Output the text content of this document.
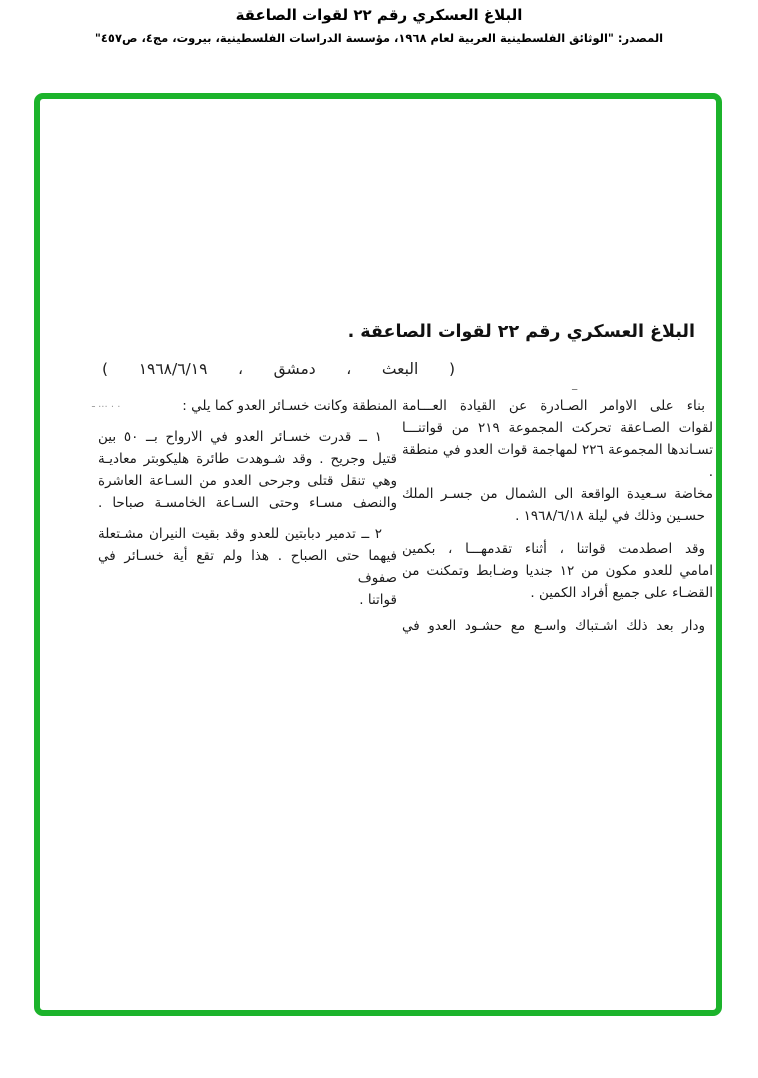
البلاغ العسكري رقم ٢٢ لقوات الصاعقة
المصدر: "الوثائق الفلسطينية العربية لعام ١٩٦٨، مؤسسة الدراسات الفلسطينية، بيروت، مج٤، ص٤٥٧"
البلاغ العسكري رقم ٢٢ لقوات الصاعقة .
( البعث ، دمشق ، ١٩٦٨/٦/١٩ )
ــ
ـ ... . .	بناء على الاوامر الصـادرة عن القيادة العـــامة
لقوات الصـاعقة تحركت المجموعة ٢١٩ من قواتنـــا
تسـاندها المجموعة ٢٢٦ لمهاجمة قوات العدو في منطقة .
مخاضة سـعيدة الواقعة الى الشمال من جسـر الملك
حسـين وذلك في ليلة ١٩٦٨/٦/١٨ .
وقد اصطدمت قواتنا ، أثناء تقدمهـــا ، بكمين
امامي للعدو مكون من ١٢ جنديا وضـابط وتمكنت من
القضـاء على جميع أفراد الكمين .
ودار بعد ذلك اشـتباك واسـع مع حشـود العدو في
المنطقة وكانت خسـائر العدو كما يلي :
١ ــ قدرت خسـائر العدو في الارواح بــ ٥٠ بين
قتيل وجريح . وقد شـوهدت طائرة هليكوبتر معاديـة
وهي تنقل قتلى وجرحى العدو من السـاعة العاشرة
والنصف مسـاء وحتى السـاعة الخامسـة صباحا .
٢ ــ تدمير دبابتين للعدو وقد بقيت النيران مشـتعلة
فيهما حتى الصباح . هذا ولم تقع أية خسـائر في صفوف
قواتنا .
